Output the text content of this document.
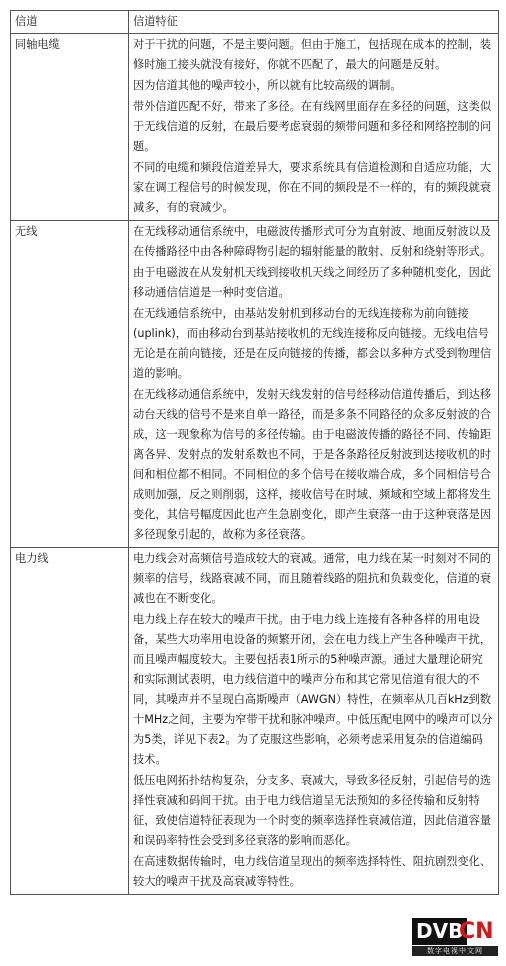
信道	信道特征
同轴电缆	对于干扰的问题，不是主要问题。但由于施工，包括现在成本的控制，装修时施工接头就没有接好，你就不匹配了，最大的问题是反射。

因为信道其他的噪声较小，所以就有比较高级的调制。

带外信道匹配不好，带来了多径。在有线网里面存在多径的问题，这类似于无线信道的反射，在最后要考虑衰弱的频带问题和多径和网络控制的问题。

不同的电缆和频段信道差异大，要求系统具有信道检测和自适应功能，大家在调工程信号的时候发现，你在不同的频段是不一样的，有的频段就衰减多，有的衰减少。

无线	在无线移动通信系统中，电磁波传播形式可分为直射波、地面反射波以及在传播路径中由各种障碍物引起的辐射能量的散射、反射和绕射等形式。

由于电磁波在从发射机天线到接收机天线之间经历了多种随机变化，因此移动通信信道是一种时变信道。

在无线通信系统中，由基站发射机到移动台的无线连接称为前向链接 (uplink)，而由移动台到基站接收机的无线连接称反向链接。无线电信号无论是在前向链接，还是在反向链接的传播，都会以多种方式受到物理信道的影响。

在无线移动通信系统中，发射天线发射的信号经移动信道传播后，到达移动台天线的信号不是来自单一路径，而是多条不同路径的众多反射波的合成，这一现象称为信号的多径传输。由于电磁波传播的路径不同、传输距离各异、发射点的发射系数也不同，于是各条路径反射波到达接收机的时间和相位都不相同。不同相位的多个信号在接收端合成，多个同相信号合成则加强，反之则削弱，这样，接收信号在时域、频域和空域上都将发生变化，其信号幅度因此也产生急剧变化，即产生衰落一由于这种衰落是因多径现象引起的，故称为多径衰落。

电力线	电力线会对高频信号造成较大的衰减。通常，电力线在某一时刻对不同的频率的信号，线路衰减不同，而且随着线路的阻抗和负载变化，信道的衰减也在不断变化。

电力线上存在较大的噪声干扰。由于电力线上连接有各种各样的用电设备，某些大功率用电设备的频繁开闭，会在电力线上产生各种噪声干扰，而且噪声幅度较大。主要包括表1所示的5种噪声源。通过大量理论研究和实际测试表明，电力线信道中的噪声分布和其它常见信道有很大的不同，其噪声并不呈现白高斯噪声（AWGN）特性，在频率从几百kHz到数十MHz之间，主要为窄带干扰和脉冲噪声。中低压配电网中的噪声可以分为5类，详见下表2。为了克服这些影响，必须考虑采用复杂的信道编码技术。

低压电网拓扑结构复杂，分支多、衰减大，导致多径反射，引起信号的选择性衰减和码间干扰。由于电力线信道呈无法预知的多径传输和反射特征，致使信道特征表现为一个时变的频率选择性衰减信道，因此信道容量和误码率特性会受到多径衰落的影响而恶化。

在高速数据传输时，电力线信道呈现出的频率选择特性、阻抗剧烈变化、较大的噪声干扰及高衰减等特性。

DVB
CN
数字电视中文网
